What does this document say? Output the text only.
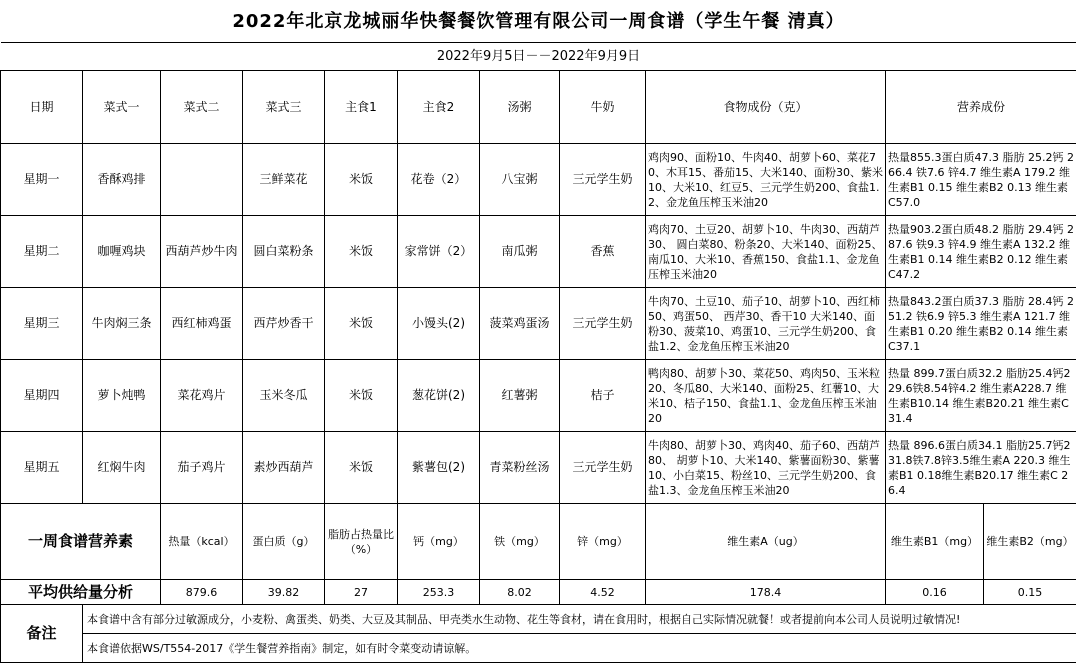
2022年北京龙城丽华快餐餐饮管理有限公司一周食谱（学生午餐 清真）											
2022年9月5日－－2022年9月9日											
日期	菜式一	菜式二	菜式三	主食1	主食2	汤粥	牛奶	食物成份（克）	营养成份		
星期一	香酥鸡排		三鲜菜花	米饭	花卷（2）	八宝粥	三元学生奶	鸡肉90、面粉10、牛肉40、胡萝卜60、菜花70、木耳15、番茄15、大米140、面粉30、紫米10、大米10、红豆5、三元学生奶200、食盐1.2、金龙鱼压榨玉米油20	热量855.3蛋白质47.3 脂肪 25.2钙 266.4 铁7.6 锌4.7 维生素A 179.2 维生素B1 0.15 维生素B2 0.13 维生素C57.0		
星期二	咖喱鸡块	西葫芦炒牛肉	圆白菜粉条	米饭	家常饼（2）	南瓜粥	香蕉	鸡肉70、土豆20、胡萝卜10、牛肉30、西葫芦30、 圆白菜80、粉条20、大米140、面粉25、南瓜10、大米10、香蕉150、食盐1.1、金龙鱼压榨玉米油20	热量903.2蛋白质48.2 脂肪 29.4钙 287.6 铁9.3 锌4.9 维生素A 132.2 维生素B1 0.14 维生素B2 0.12 维生素C47.2		
星期三	牛肉焖三条	西红柿鸡蛋	西芹炒香干	米饭	小馒头(2)	菠菜鸡蛋汤	三元学生奶	牛肉70、土豆10、茄子10、胡萝卜10、西红柿50、鸡蛋50、 西芹30、香干10 大米140、面粉30、菠菜10、鸡蛋10、三元学生奶200、食盐1.2、金龙鱼压榨玉米油20	热量843.2蛋白质37.3 脂肪 28.4钙 251.2 铁6.9 锌5.3 维生素A 121.7 维生素B1 0.20 维生素B2 0.14 维生素C37.1		
星期四	萝卜炖鸭	菜花鸡片	玉米冬瓜	米饭	葱花饼(2)	红薯粥	桔子	鸭肉80、胡萝卜30、菜花50、鸡肉50、玉米粒20、冬瓜80、大米140、面粉25、红薯10、大米10、桔子150、食盐1.1、金龙鱼压榨玉米油20	热量 899.7蛋白质32.2 脂肪25.4钙229.6铁8.54锌4.2 维生素A228.7 维生素B10.14 维生素B20.21 维生素C31.4		
星期五	红焖牛肉	茄子鸡片	素炒西葫芦	米饭	紫薯包(2)	青菜粉丝汤	三元学生奶	牛肉80、胡萝卜30、鸡肉40、茄子60、西葫芦80、 胡萝卜10、大米140、紫薯面粉30、紫薯10、小白菜15、粉丝10、三元学生奶200、食盐1.3、金龙鱼压榨玉米油20	热量 896.6蛋白质34.1 脂肪25.7钙231.8铁7.8锌3.5维生素A 220.3 维生素B1 0.18维生素B20.17 维生素C 26.4		
一周食谱营养素		热量（kcal）	蛋白质（g）	脂肪占热量比（%）	钙（mg）	铁（mg）	锌（mg）	维生素A（ug）	维生素B1（mg）	维生素B2（mg）	
平均供给量分析		879.6	39.82	27	253.3	8.02	4.52	178.4	0.16	0.15	
备注	本食谱中含有部分过敏源成分，小麦粉、禽蛋类、奶类、大豆及其制品、甲壳类水生动物、花生等食材，请在食用时，根据自己实际情况就餐！或者提前向本公司人员说明过敏情况!										
	本食谱依据WS/T554-2017《学生餐营养指南》制定，如有时令菜变动请谅解。										
